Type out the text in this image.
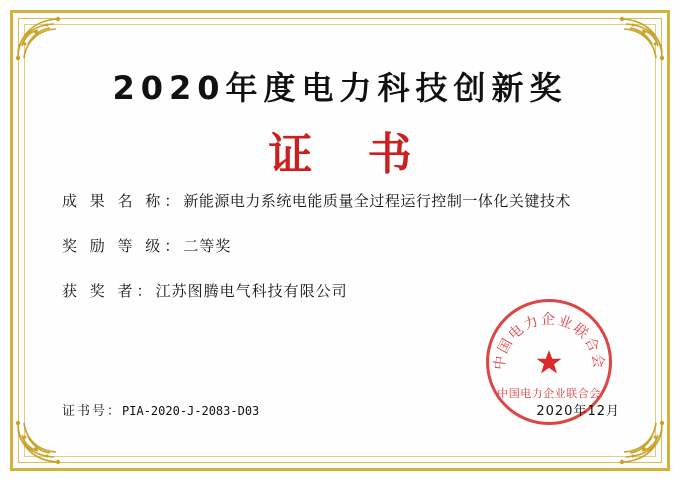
2020年度电力科技创新奖
证 书
成 果 名 称 ： 新能源电力系统电能质量全过程运行控制一体化关键技术
奖 励 等 级 ： 二等奖
获 奖 者 ： 江苏图腾电气科技有限公司
证书号：PIA-2020-J-2083-D03
中国电力企业联合会
中国电力企业联合会
2020年12月
